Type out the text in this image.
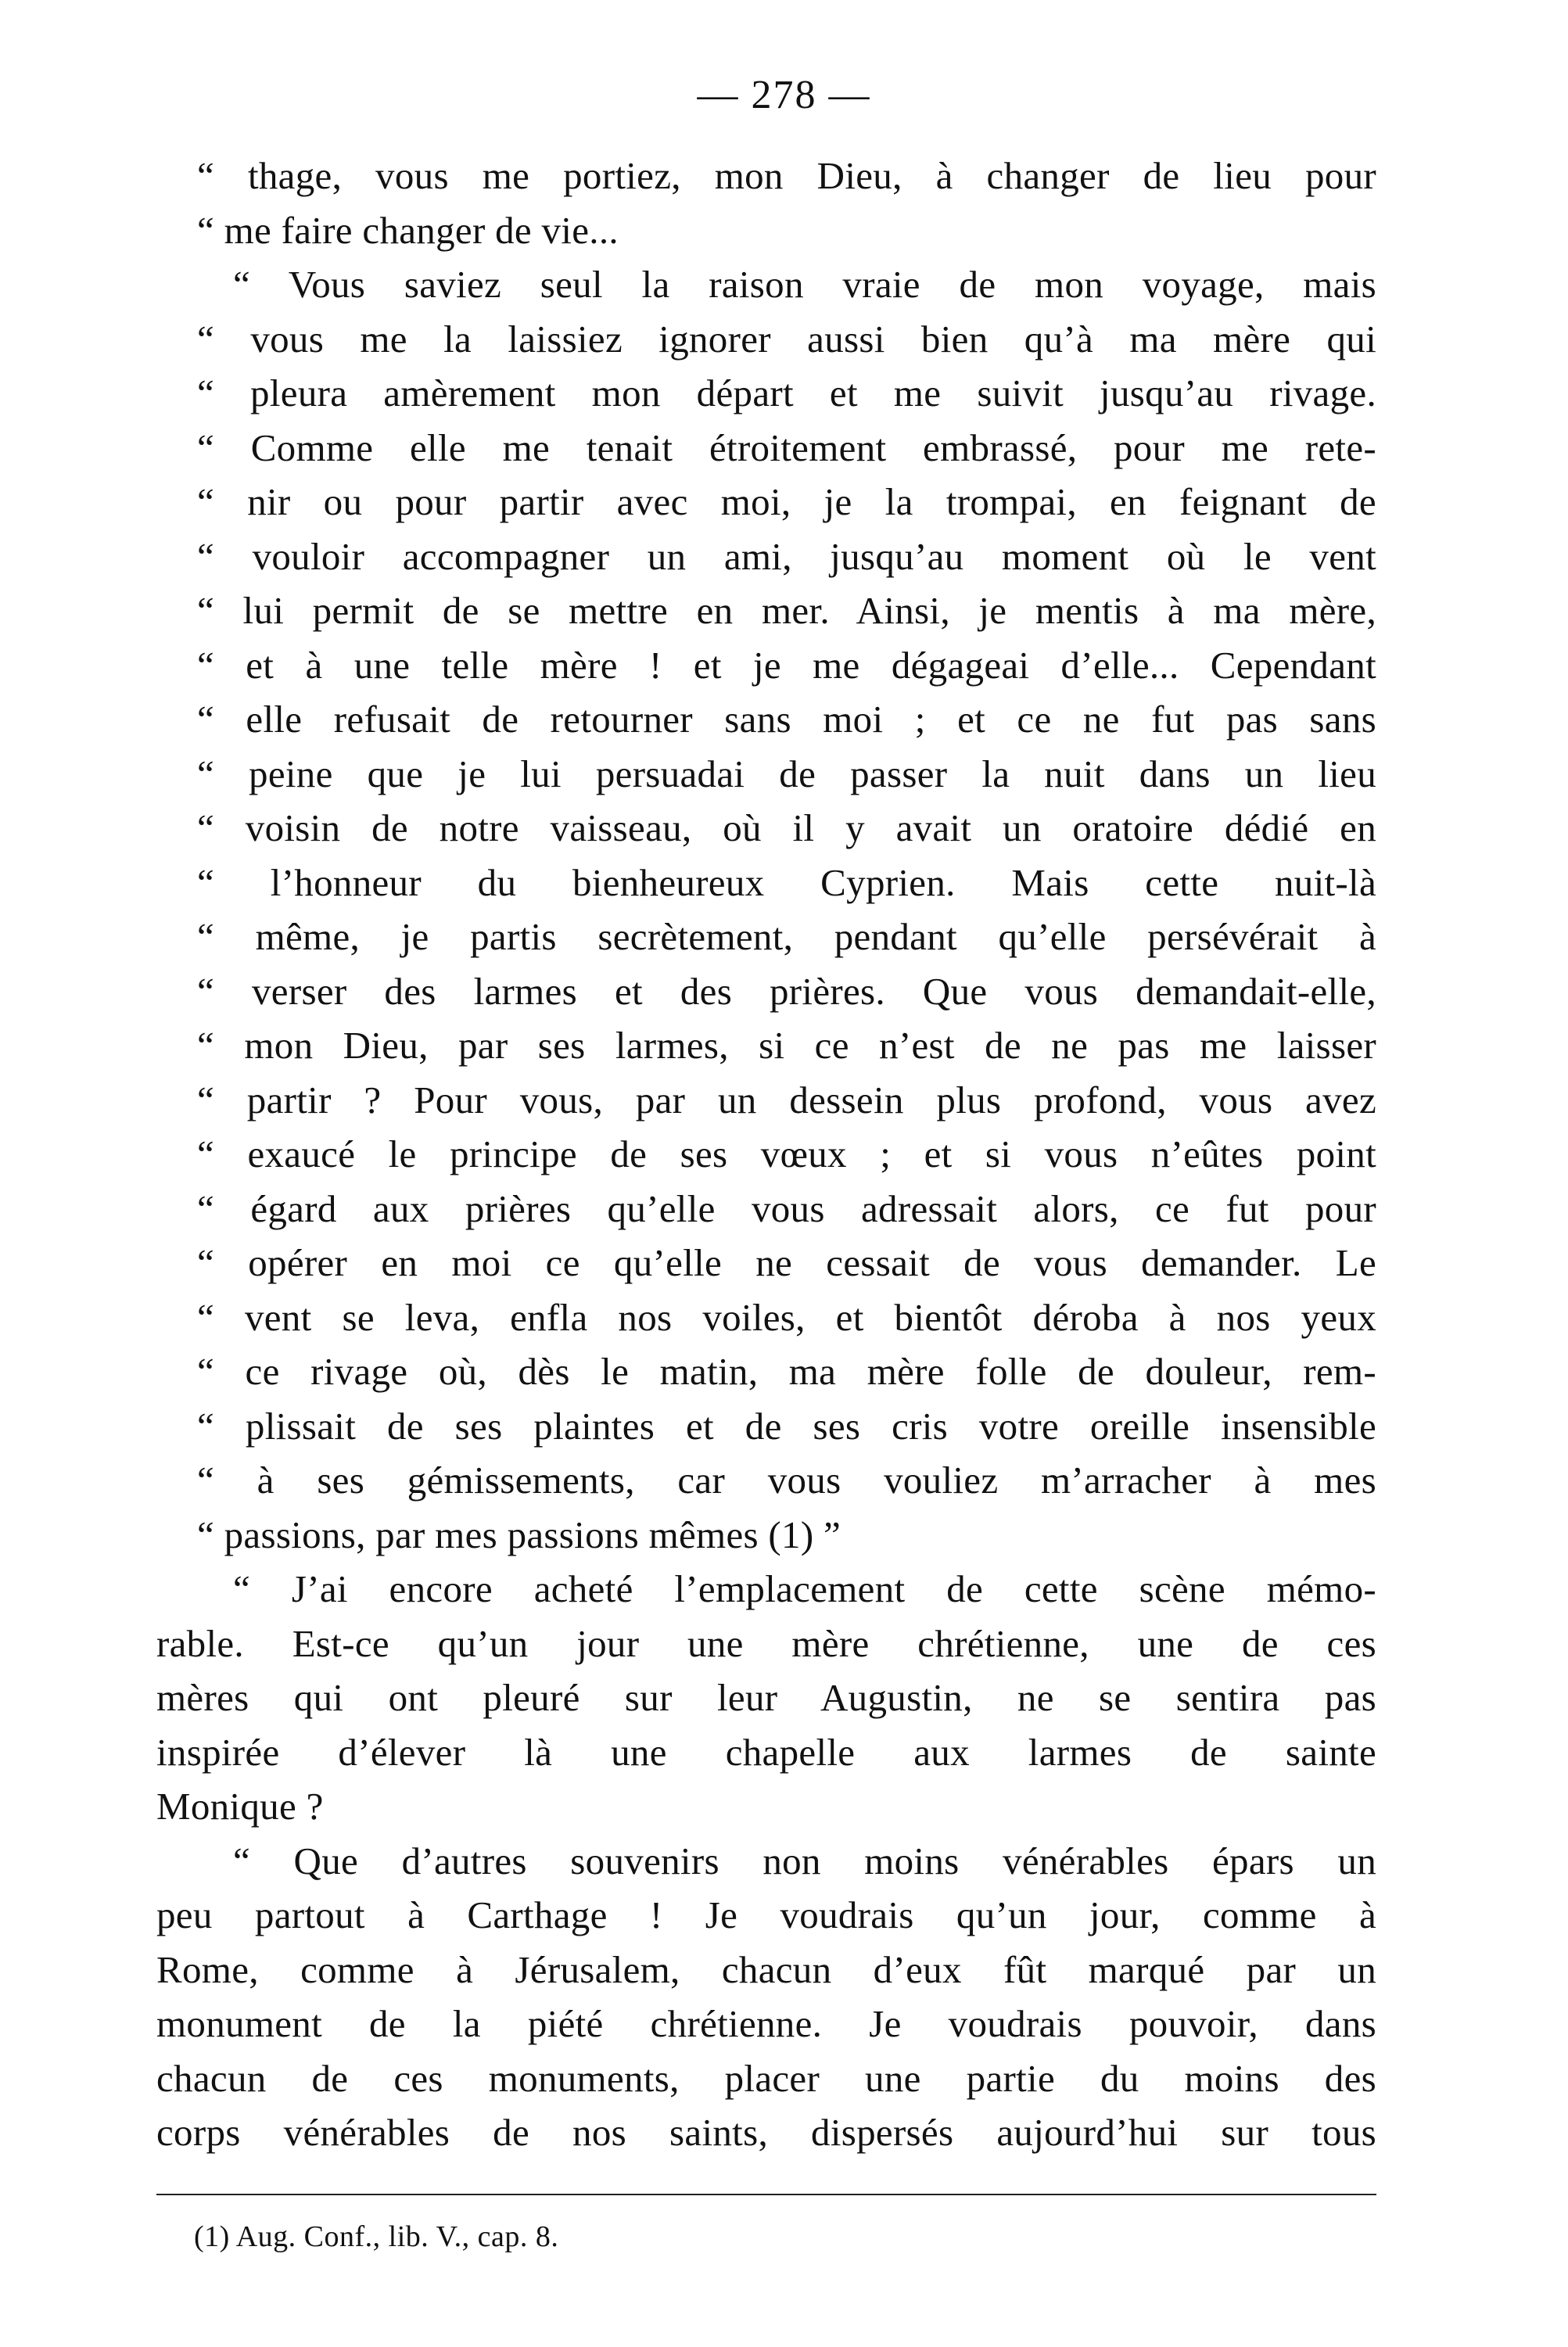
— 278 —
“ thage, vous me portiez, mon Dieu, à changer de lieu pour
“ me faire changer de vie...
“ Vous saviez seul la raison vraie de mon voyage, mais
“ vous me la laissiez ignorer aussi bien qu’à ma mère qui
“ pleura amèrement mon départ et me suivit jusqu’au rivage.
“ Comme elle me tenait étroitement embrassé, pour me rete-
“ nir ou pour partir avec moi, je la trompai, en feignant de
“ vouloir accompagner un ami, jusqu’au moment où le vent
“ lui permit de se mettre en mer. Ainsi, je mentis à ma mère,
“ et à une telle mère ! et je me dégageai d’elle... Cependant
“ elle refusait de retourner sans moi ; et ce ne fut pas sans
“ peine que je lui persuadai de passer la nuit dans un lieu
“ voisin de notre vaisseau, où il y avait un oratoire dédié en
“ l’honneur du bienheureux Cyprien. Mais cette nuit-là
“ même, je partis secrètement, pendant qu’elle persévérait à
“ verser des larmes et des prières. Que vous demandait-elle,
“ mon Dieu, par ses larmes, si ce n’est de ne pas me laisser
“ partir ? Pour vous, par un dessein plus profond, vous avez
“ exaucé le principe de ses vœux ; et si vous n’eûtes point
“ égard aux prières qu’elle vous adressait alors, ce fut pour
“ opérer en moi ce qu’elle ne cessait de vous demander. Le
“ vent se leva, enfla nos voiles, et bientôt déroba à nos yeux
“ ce rivage où, dès le matin, ma mère folle de douleur, rem-
“ plissait de ses plaintes et de ses cris votre oreille insensible
“ à ses gémissements, car vous vouliez m’arracher à mes
“ passions, par mes passions mêmes (1) ”
“ J’ai encore acheté l’emplacement de cette scène mémo-
rable. Est-ce qu’un jour une mère chrétienne, une de ces
mères qui ont pleuré sur leur Augustin, ne se sentira pas
inspirée d’élever là une chapelle aux larmes de sainte
Monique ?
“ Que d’autres souvenirs non moins vénérables épars un
peu partout à Carthage ! Je voudrais qu’un jour, comme à
Rome, comme à Jérusalem, chacun d’eux fût marqué par un
monument de la piété chrétienne. Je voudrais pouvoir, dans
chacun de ces monuments, placer une partie du moins des
corps vénérables de nos saints, dispersés aujourd’hui sur tous
(1) Aug. Conf., lib. V., cap. 8.
